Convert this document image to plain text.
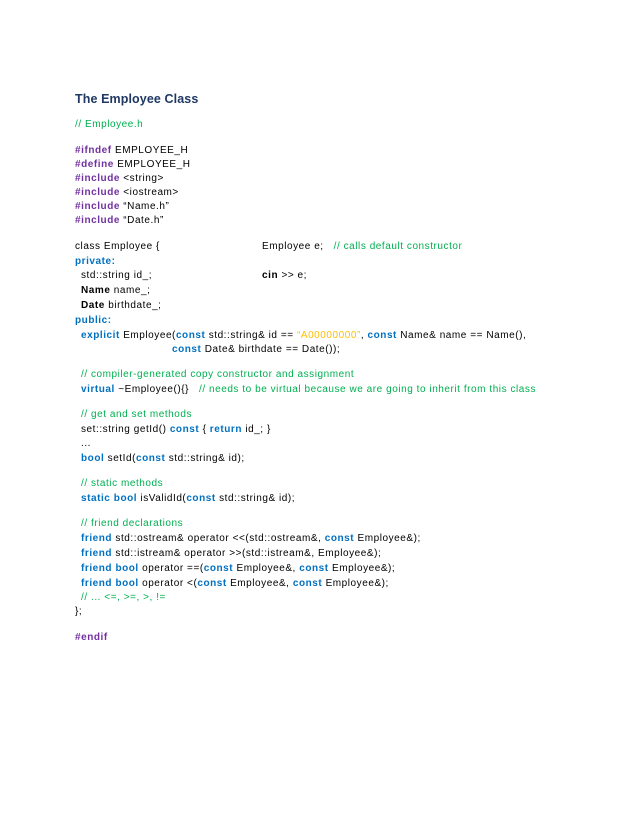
The Employee Class
// Employee.h
#ifndef EMPLOYEE_H
#define EMPLOYEE_H
#include <string>
#include <iostream>
#include “Name.h”
#include “Date.h”
class Employee {	Employee e;   // calls default constructor
private:
std::string id_;	cin >> e;
Name name_;
Date birthdate_;
public:
explicit Employee(const std::string& id == “A00000000”, const Name& name == Name(),
const Date& birthdate == Date());
// compiler-generated copy constructor and assignment
virtual ~Employee(){}   // needs to be virtual because we are going to inherit from this class
// get and set methods
set::string getId() const { return id_; }
...
bool setId(const std::string& id);
// static methods
static bool isValidId(const std::string& id);
// friend declarations
friend std::ostream& operator <<(std::ostream&, const Employee&);
friend std::istream& operator >>(std::istream&, Employee&);
friend bool operator ==(const Employee&, const Employee&);
friend bool operator <(const Employee&, const Employee&);
// ... <=, >=, >, !=
};
#endif
